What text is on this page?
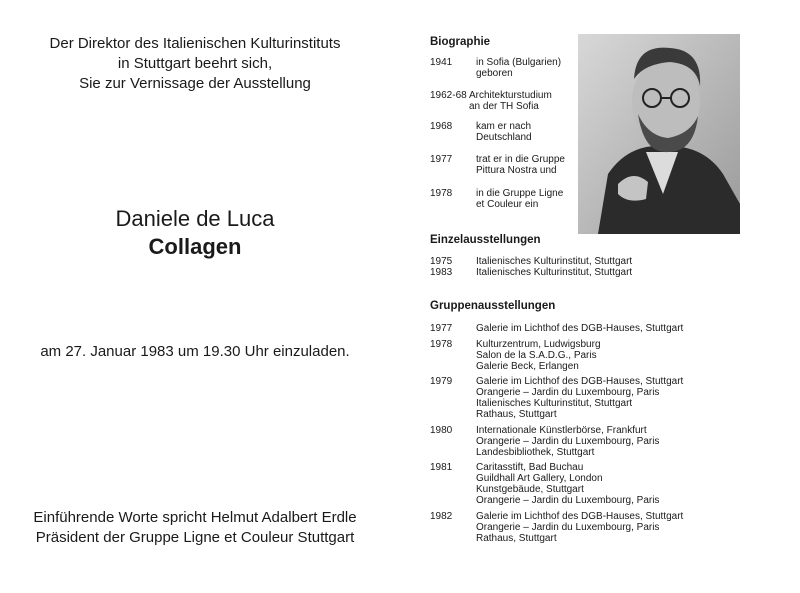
Der Direktor des Italienischen Kulturinstituts
in Stuttgart beehrt sich,
Sie zur Vernissage der Ausstellung
Daniele de Luca
Collagen
am 27. Januar 1983 um 19.30 Uhr einzuladen.
Einführende Worte spricht Helmut Adalbert Erdle
Präsident der Gruppe Ligne et Couleur Stuttgart
Biographie
1941 in Sofia (Bulgarien)
geboren
1962-68 Architekturstudium
an der TH Sofia
1968 kam er nach
Deutschland
1977 trat er in die Gruppe
Pittura Nostra und
1978 in die Gruppe Ligne
et Couleur ein
Einzelausstellungen
1975 Italienisches Kulturinstitut, Stuttgart
1983 Italienisches Kulturinstitut, Stuttgart
Gruppenausstellungen
1977 Galerie im Lichthof des DGB-Hauses, Stuttgart
1978 Kulturzentrum, Ludwigsburg
Salon de la S.A.D.G., Paris
Galerie Beck, Erlangen
1979 Galerie im Lichthof des DGB-Hauses, Stuttgart
Orangerie – Jardin du Luxembourg, Paris
Italienisches Kulturinstitut, Stuttgart
Rathaus, Stuttgart
1980 Internationale Künstlerbörse, Frankfurt
Orangerie – Jardin du Luxembourg, Paris
Landesbibliothek, Stuttgart
1981 Caritasstift, Bad Buchau
Guildhall Art Gallery, London
Kunstgebäude, Stuttgart
Orangerie – Jardin du Luxembourg, Paris
1982 Galerie im Lichthof des DGB-Hauses, Stuttgart
Orangerie – Jardin du Luxembourg, Paris
Rathaus, Stuttgart
